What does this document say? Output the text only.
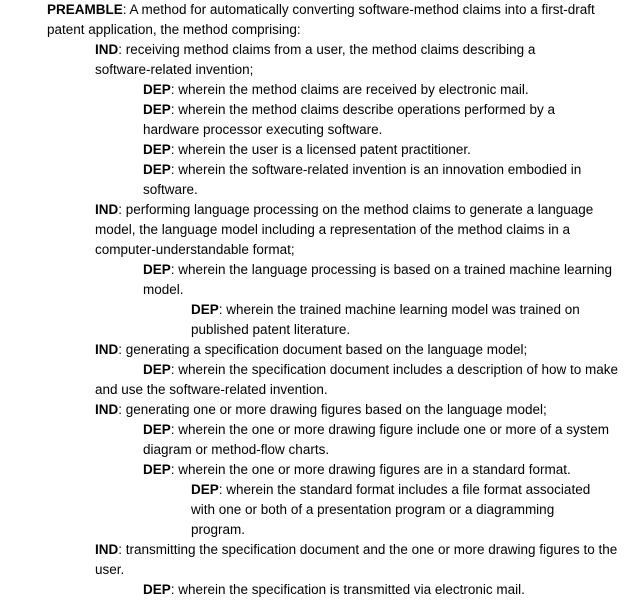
PREAMBLE: A method for automatically converting software-method claims into a first-draft patent application, the method comprising:
IND: receiving method claims from a user, the method claims describing a software-related invention;
DEP: wherein the method claims are received by electronic mail.
DEP: wherein the method claims describe operations performed by a hardware processor executing software.
DEP: wherein the user is a licensed patent practitioner.
DEP: wherein the software-related invention is an innovation embodied in software.
IND: performing language processing on the method claims to generate a language model, the language model including a representation of the method claims in a computer-understandable format;
DEP: wherein the language processing is based on a trained machine learning model.
DEP: wherein the trained machine learning model was trained on published patent literature.
IND: generating a specification document based on the language model;
DEP: wherein the specification document includes a description of how to make and use the software-related invention.
IND: generating one or more drawing figures based on the language model;
DEP: wherein the one or more drawing figure include one or more of a system diagram or method-flow charts.
DEP: wherein the one or more drawing figures are in a standard format.
DEP: wherein the standard format includes a file format associated with one or both of a presentation program or a diagramming program.
IND: transmitting the specification document and the one or more drawing figures to the user.
DEP: wherein the specification is transmitted via electronic mail.
